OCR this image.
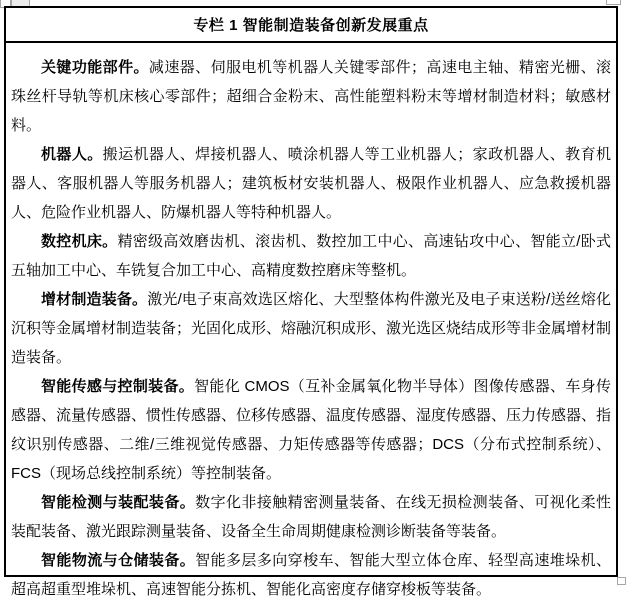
专栏 1 智能制造装备创新发展重点

关键功能部件。减速器、伺服电机等机器人关键零部件；高速电主轴、精密光栅、滚珠丝杆导轨等机床核心零部件；超细合金粉末、高性能塑料粉末等增材制造材料；敏感材料。

机器人。搬运机器人、焊接机器人、喷涂机器人等工业机器人；家政机器人、教育机器人、客服机器人等服务机器人；建筑板材安装机器人、极限作业机器人、应急救援机器人、危险作业机器人、防爆机器人等特种机器人。

数控机床。精密级高效磨齿机、滚齿机、数控加工中心、高速钻攻中心、智能立/卧式五轴加工中心、车铣复合加工中心、高精度数控磨床等整机。

增材制造装备。激光/电子束高效选区熔化、大型整体构件激光及电子束送粉/送丝熔化沉积等金属增材制造装备；光固化成形、熔融沉积成形、激光选区烧结成形等非金属增材制造装备。

智能传感与控制装备。智能化 CMOS（互补金属氧化物半导体）图像传感器、车身传感器、流量传感器、惯性传感器、位移传感器、温度传感器、湿度传感器、压力传感器、指纹识别传感器、二维/三维视觉传感器、力矩传感器等传感器；DCS（分布式控制系统）、FCS（现场总线控制系统）等控制装备。

智能检测与装配装备。数字化非接触精密测量装备、在线无损检测装备、可视化柔性装配装备、激光跟踪测量装备、设备全生命周期健康检测诊断装备等装备。

智能物流与仓储装备。智能多层多向穿梭车、智能大型立体仓库、轻型高速堆垛机、超高超重型堆垛机、高速智能分拣机、智能化高密度存储穿梭板等装备。
